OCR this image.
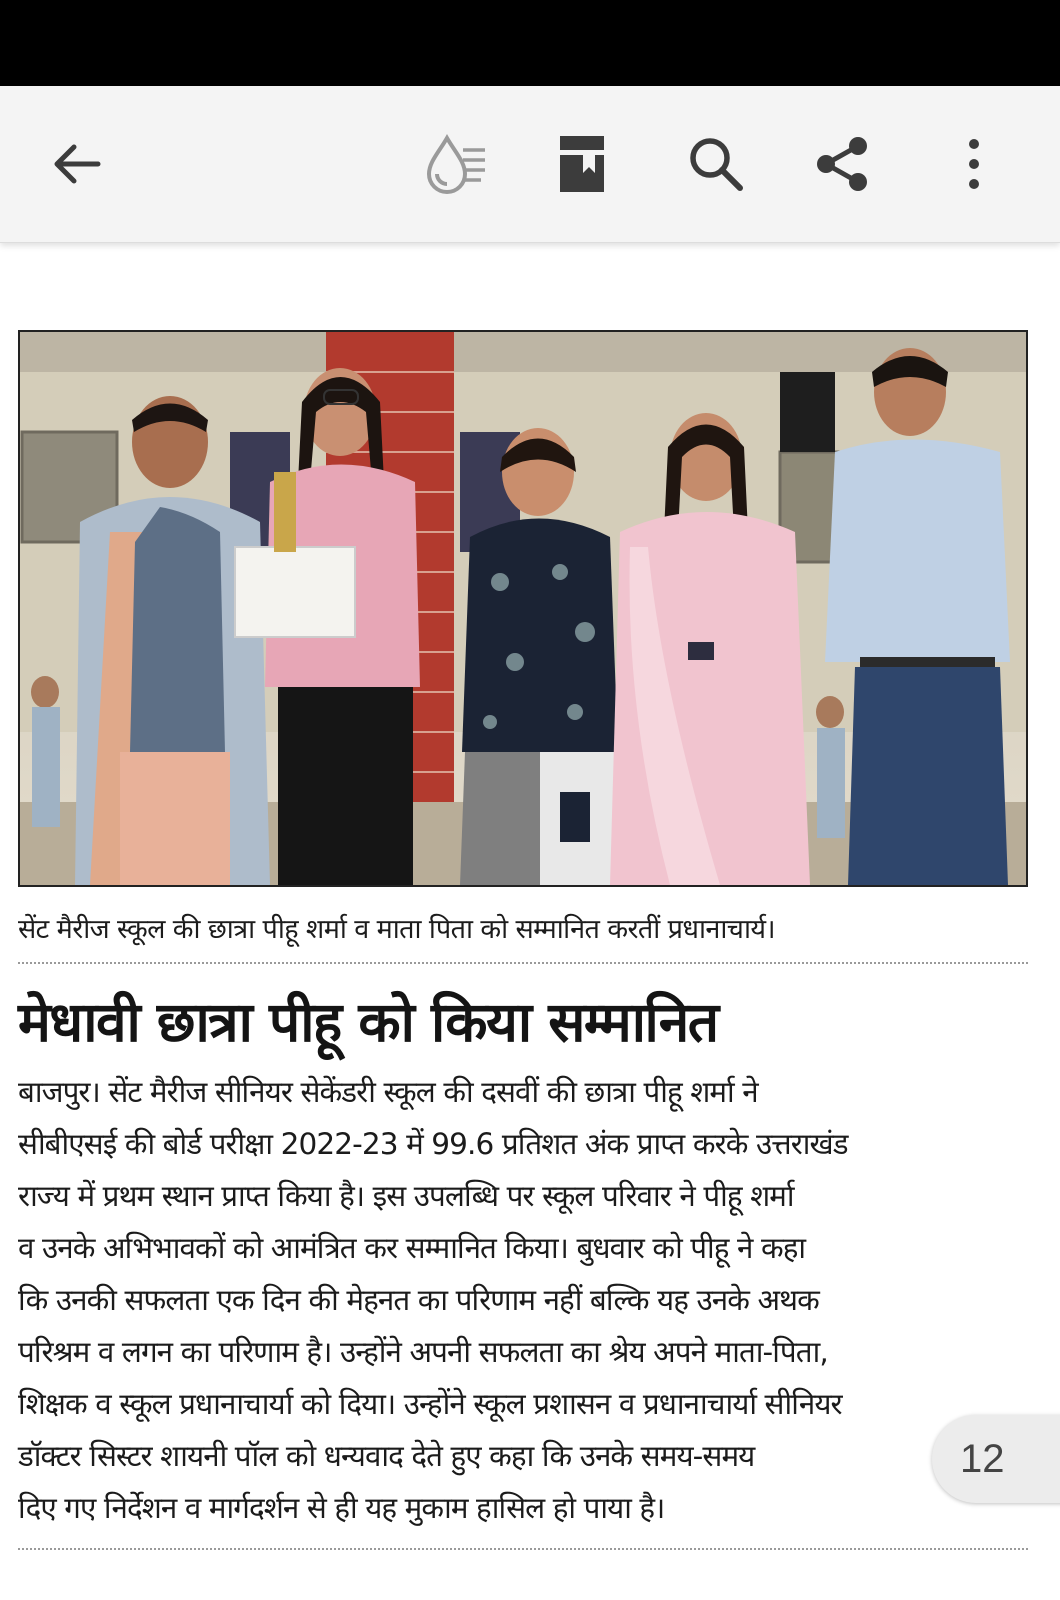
सेंट मैरीज स्कूल की छात्रा पीहू शर्मा व माता पिता को सम्मानित करतीं प्रधानाचार्य।
मेधावी छात्रा पीहू को किया सम्मानित
बाजपुर। सेंट मैरीज सीनियर सेकेंडरी स्कूल की दसवीं की छात्रा पीहू शर्मा ने
सीबीएसई की बोर्ड परीक्षा 2022-23 में 99.6 प्रतिशत अंक प्राप्त करके उत्तराखंड
राज्य में प्रथम स्थान प्राप्त किया है। इस उपलब्धि पर स्कूल परिवार ने पीहू शर्मा
व उनके अभिभावकों को आमंत्रित कर सम्मानित किया। बुधवार को पीहू ने कहा
कि उनकी सफलता एक दिन की मेहनत का परिणाम नहीं बल्कि यह उनके अथक
परिश्रम व लगन का परिणाम है। उन्होंने अपनी सफलता का श्रेय अपने माता-पिता,
शिक्षक व स्कूल प्रधानाचार्या को दिया। उन्होंने स्कूल प्रशासन व प्रधानाचार्या सीनियर
डॉक्टर सिस्टर शायनी पॉल को धन्यवाद देते हुए कहा कि उनके समय-समय
दिए गए निर्देशन व मार्गदर्शन से ही यह मुकाम हासिल हो पाया है।
12
